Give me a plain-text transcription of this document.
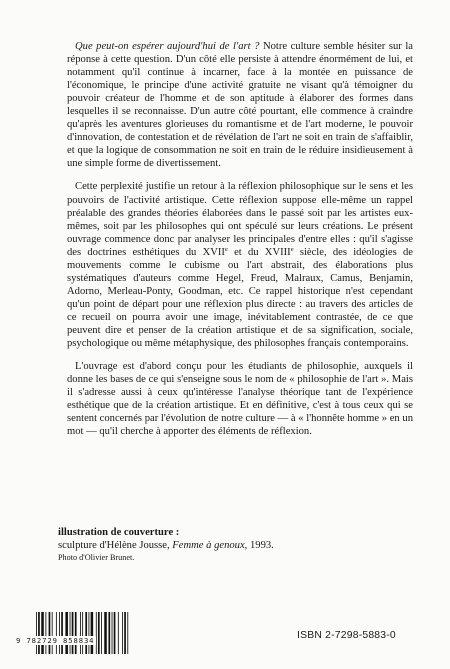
Que peut-on espérer aujourd'hui de l'art ? Notre culture semble hésiter sur la réponse à cette question. D'un côté elle persiste à attendre énormément de lui, et notamment qu'il continue à incarner, face à la montée en puissance de l'économique, le principe d'une activité gratuite ne visant qu'à témoigner du pouvoir créateur de l'homme et de son aptitude à élaborer des formes dans lesquelles il se reconnaisse. D'un autre côté pourtant, elle commence à craindre qu'après les aventures glorieuses du romantisme et de l'art moderne, le pouvoir d'innovation, de contestation et de révélation de l'art ne soit en train de s'affaiblir, et que la logique de consommation ne soit en train de le réduire insidieusement à une simple forme de divertissement.

Cette perplexité justifie un retour à la réflexion philosophique sur le sens et les pouvoirs de l'activité artistique. Cette réflexion suppose elle-même un rappel préalable des grandes théories élaborées dans le passé soit par les artistes eux-mêmes, soit par les philosophes qui ont spéculé sur leurs créations. Le présent ouvrage commence donc par analyser les principales d'entre elles : qu'il s'agisse des doctrines esthétiques du XVIIe et du XVIIIe siècle, des idéologies de mouvements comme le cubisme ou l'art abstrait, des élaborations plus systématiques d'auteurs comme Hegel, Freud, Malraux, Camus, Benjamin, Adorno, Merleau-Ponty, Goodman, etc. Ce rappel historique n'est cependant qu'un point de départ pour une réflexion plus directe : au travers des articles de ce recueil on pourra avoir une image, inévitablement contrastée, de ce que peuvent dire et penser de la création artistique et de sa signification, sociale, psychologique ou même métaphysique, des philosophes français contemporains.

L'ouvrage est d'abord conçu pour les étudiants de philosophie, auxquels il donne les bases de ce qui s'enseigne sous le nom de « philosophie de l'art ». Mais il s'adresse aussi à ceux qu'intéresse l'analyse théorique tant de l'expérience esthétique que de la création artistique. Et en définitive, c'est à tous ceux qui se sentent concernés par l'évolution de notre culture — à « l'honnête homme » en un mot — qu'il cherche à apporter des éléments de réflexion.

illustration de couverture :
sculpture d'Hélène Jousse, Femme à genoux, 1993.
Photo d'Olivier Brunet.
9 782729 858834	ISBN 2-7298-5883-0
